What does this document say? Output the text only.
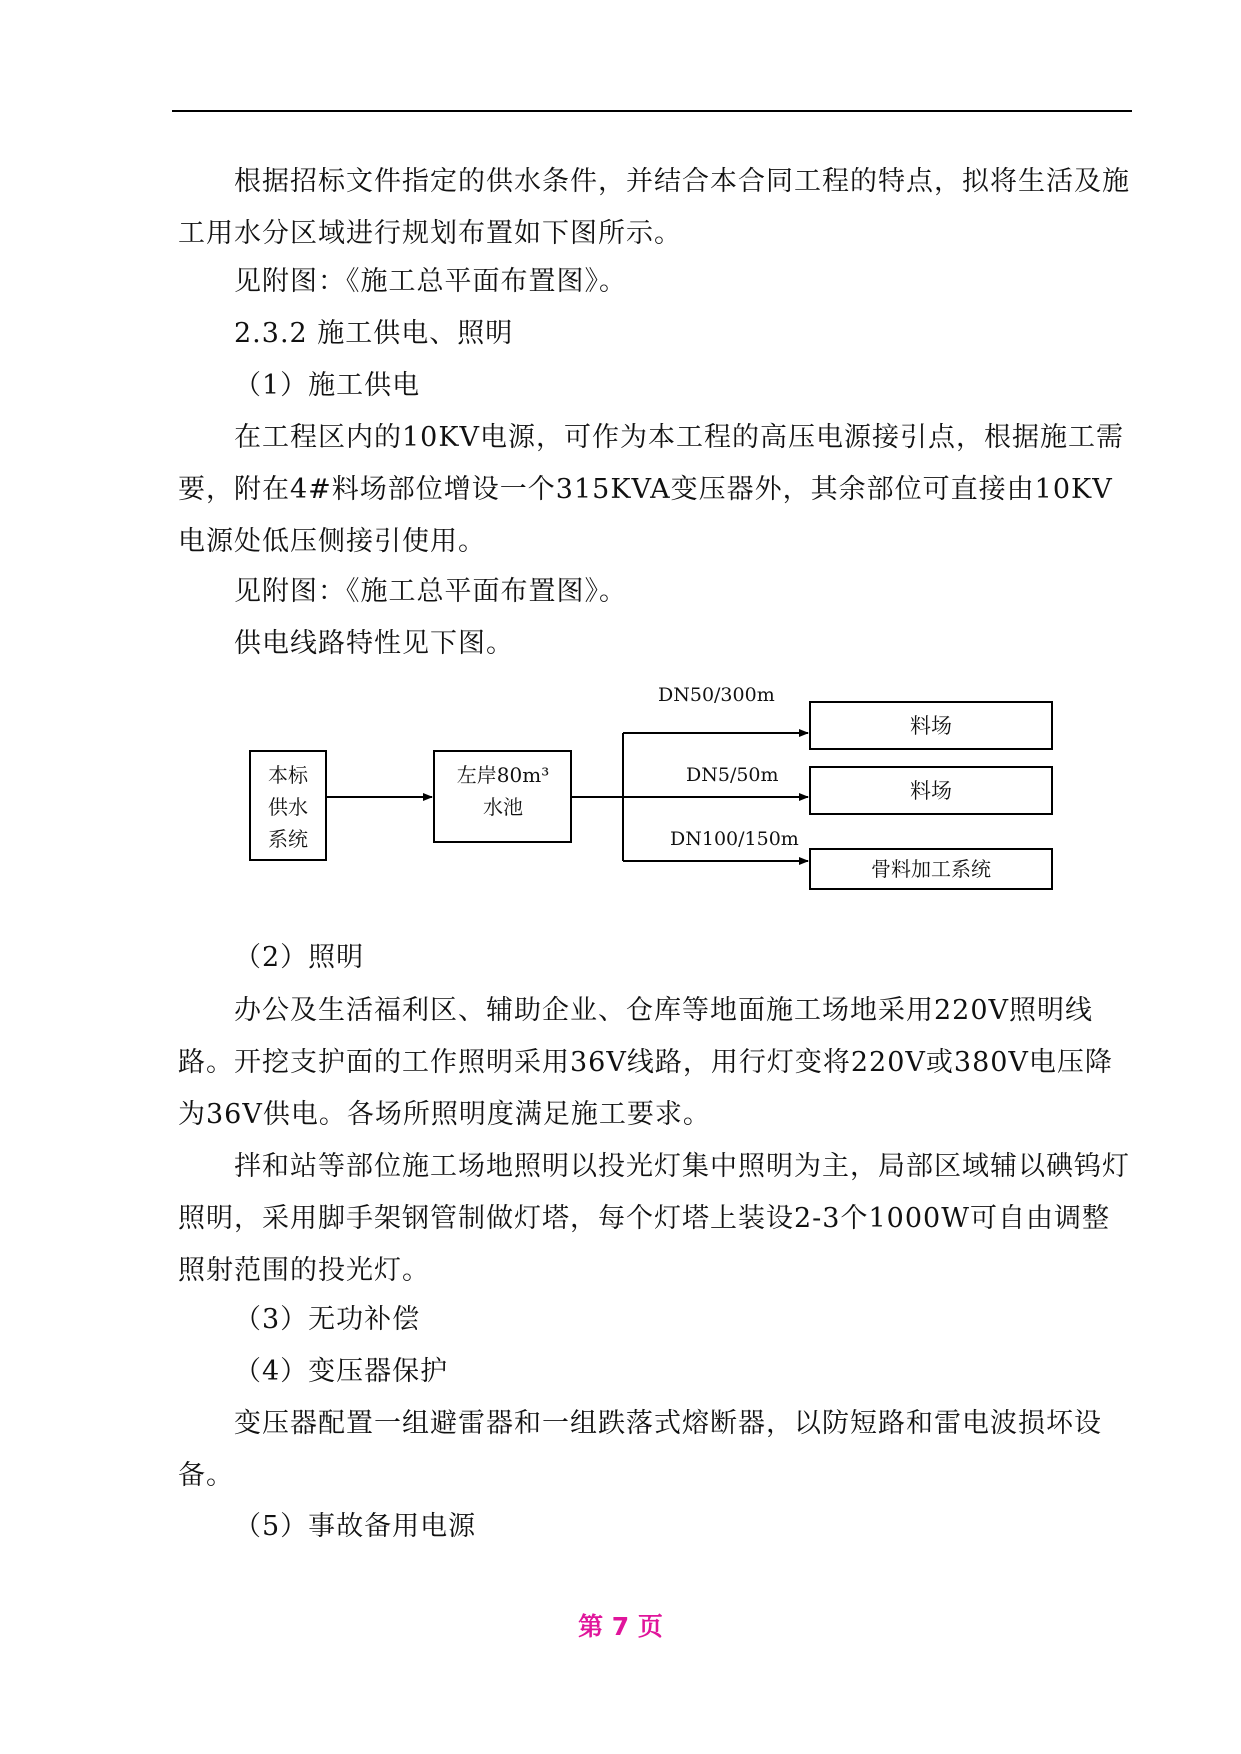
根据招标文件指定的供水条件，并结合本合同工程的特点，拟将生活及施工用水分区域进行规划布置如下图所示。

见附图：《施工总平面布置图》。
2.3.2 施工供电、照明
（1）施工供电

在工程区内的10KV电源，可作为本工程的高压电源接引点，根据施工需要，附在4#料场部位增设一个315KVA变压器外，其余部位可直接由10KV电源处低压侧接引使用。

见附图：《施工总平面布置图》。
供电线路特性见下图。
本标
供水
系统
左岸80m³
水池
DN50/300m
DN5/50m
DN100/150m
料场
料场
骨料加工系统
（2）照明

办公及生活福利区、辅助企业、仓库等地面施工场地采用220V照明线路。开挖支护面的工作照明采用36V线路，用行灯变将220V或380V电压降为36V供电。各场所照明度满足施工要求。

拌和站等部位施工场地照明以投光灯集中照明为主，局部区域辅以碘钨灯照明，采用脚手架钢管制做灯塔，每个灯塔上装设2-3个1000W可自由调整照射范围的投光灯。

（3）无功补偿
（4）变压器保护

变压器配置一组避雷器和一组跌落式熔断器，以防短路和雷电波损坏设备。

（5）事故备用电源
第 7 页
